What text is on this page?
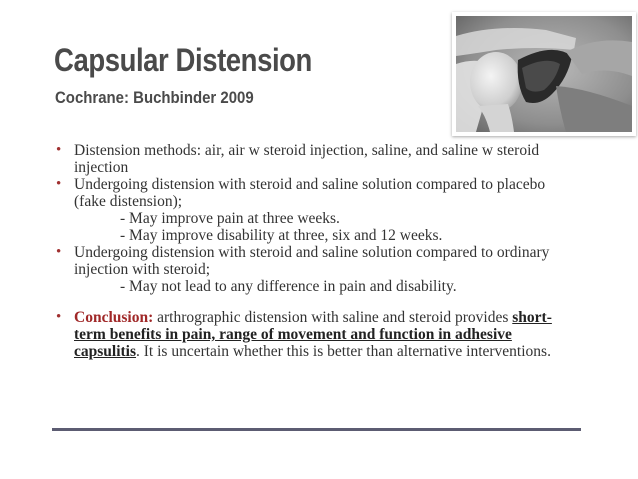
Capsular Distension
Cochrane: Buchbinder 2009
• Distension methods: air, air w steroid injection, saline, and saline w steroid injection
• Undergoing distension with steroid and saline solution compared to placebo (fake distension);
- May improve pain at three weeks.
- May improve disability at three, six and 12 weeks.
• Undergoing distension with steroid and saline solution compared to ordinary injection with steroid;
- May not lead to any difference in pain and disability.
• Conclusion: arthrographic distension with saline and steroid provides short-term benefits in pain, range of movement and function in adhesive capsulitis. It is uncertain whether this is better than alternative interventions.
